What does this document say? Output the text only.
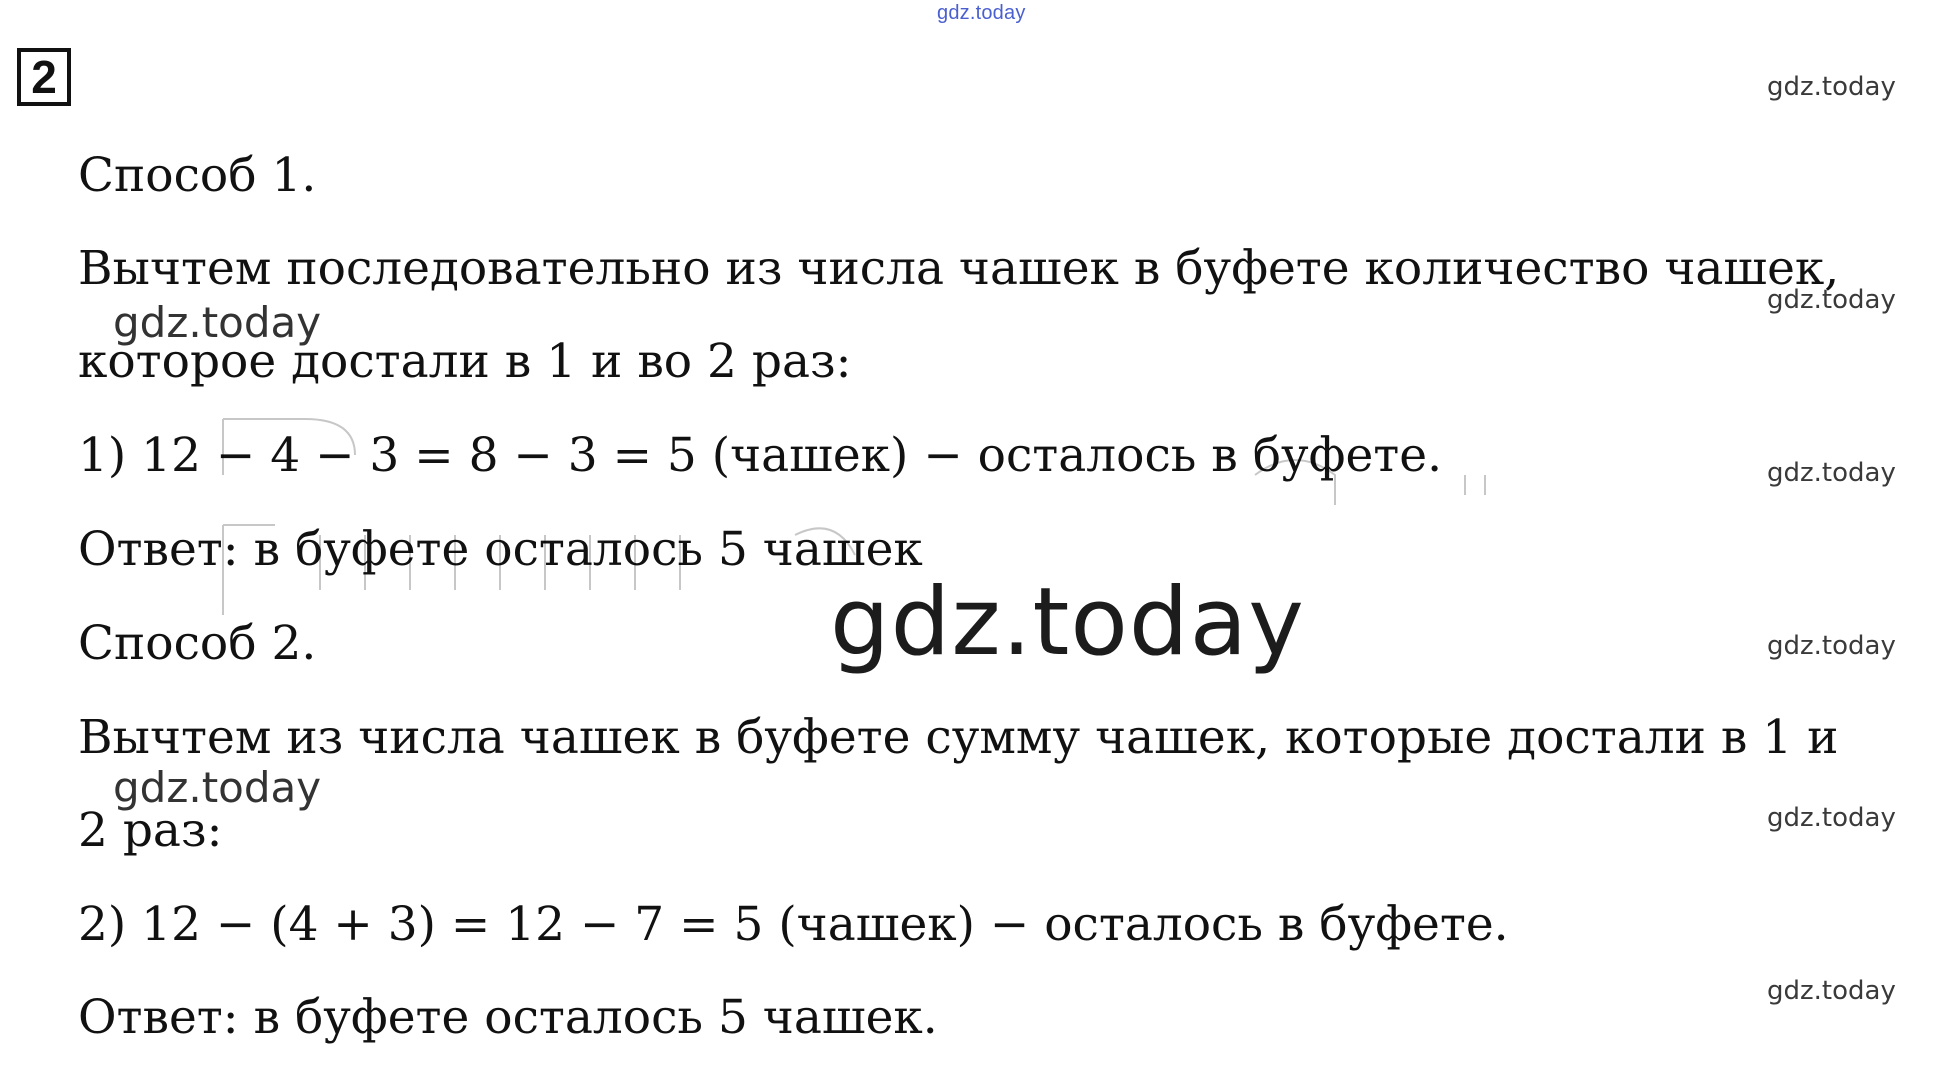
gdz.today
2	gdz.today
gdz.today
gdz.today
gdz.today
gdz.today
gdz.today
Способ 1.
Вычтем последовательно из числа чашек в буфете количество чашек,
которое достали в 1 и во 2 раз:
1) 12 − 4 − 3 = 8 − 3 = 5 (чашек) − осталось в буфете.
Ответ: в буфете осталось 5 чашек
Способ 2.
Вычтем из числа чашек в буфете сумму чашек, которые достали в 1 и
2 раз:
2) 12 − (4 + 3) = 12 − 7 = 5 (чашек) − осталось в буфете.
Ответ: в буфете осталось 5 чашек.
gdz.today
gdz.today
gdz.today
